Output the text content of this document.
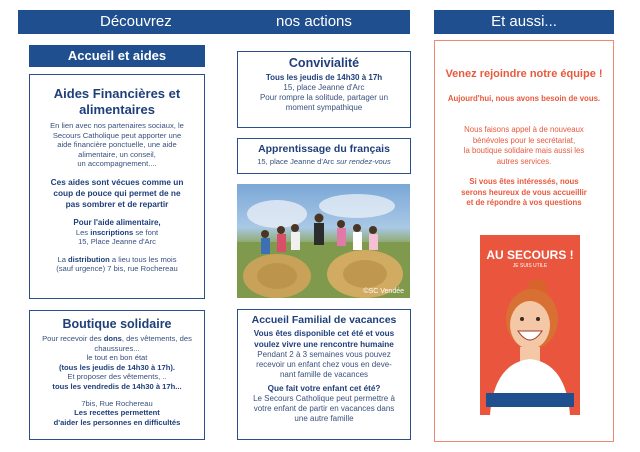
Découvrez	nos actions	Et aussi...
Accueil et aides
Aides Financières et
alimentaires
En lien avec nos partenaires sociaux, le
Secours Catholique peut apporter une
aide financière ponctuelle, une aide
alimentaire, un conseil,
un accompagnement....
Ces aides sont vécues comme un
coup de pouce qui permet de ne
pas sombrer et de repartir
Pour l'aide alimentaire,
Les inscriptions se font
15, Place Jeanne d'Arc
La distribution a lieu tous les mois
(sauf urgence) 7 bis, rue Rochereau
Boutique solidaire
Pour recevoir des dons, des vêtements, des
chaussures...
le tout en bon état
(tous les jeudis de 14h30 à 17h).
Et proposer des vêtements, ..
tous les vendredis de 14h30 à 17h...
7bis, Rue Rochereau
Les recettes permettent
d'aider les personnes en difficultés
Convivialité
Tous les jeudis de 14h30 à 17h
15, place Jeanne d'Arc
Pour rompre la solitude, partager un
moment sympathique
Apprentissage du français
15, place Jeanne d'Arc sur rendez-vous
©SC Vendée
Accueil Familial de vacances
Vous êtes disponible cet été et vous
voulez vivre une rencontre humaine
Pendant 2 à 3 semaines vous pouvez
recevoir un enfant chez vous en deve-
nant famille de vacances
Que fait votre enfant cet été?
Le Secours Catholique peut permettre à
votre enfant de partir en vacances dans
une autre famille
Venez rejoindre notre équipe !
Aujourd'hui, nous avons besoin de vous.
Nous faisons appel à de nouveaux
bénévoles pour le secrétariat,
la boutique solidaire mais aussi les
autres services.
Si vous êtes intéressés, nous
serons heureux de vous accueillir
et de répondre à vos questions
AU SECOURS !
JE SUIS UTILE
